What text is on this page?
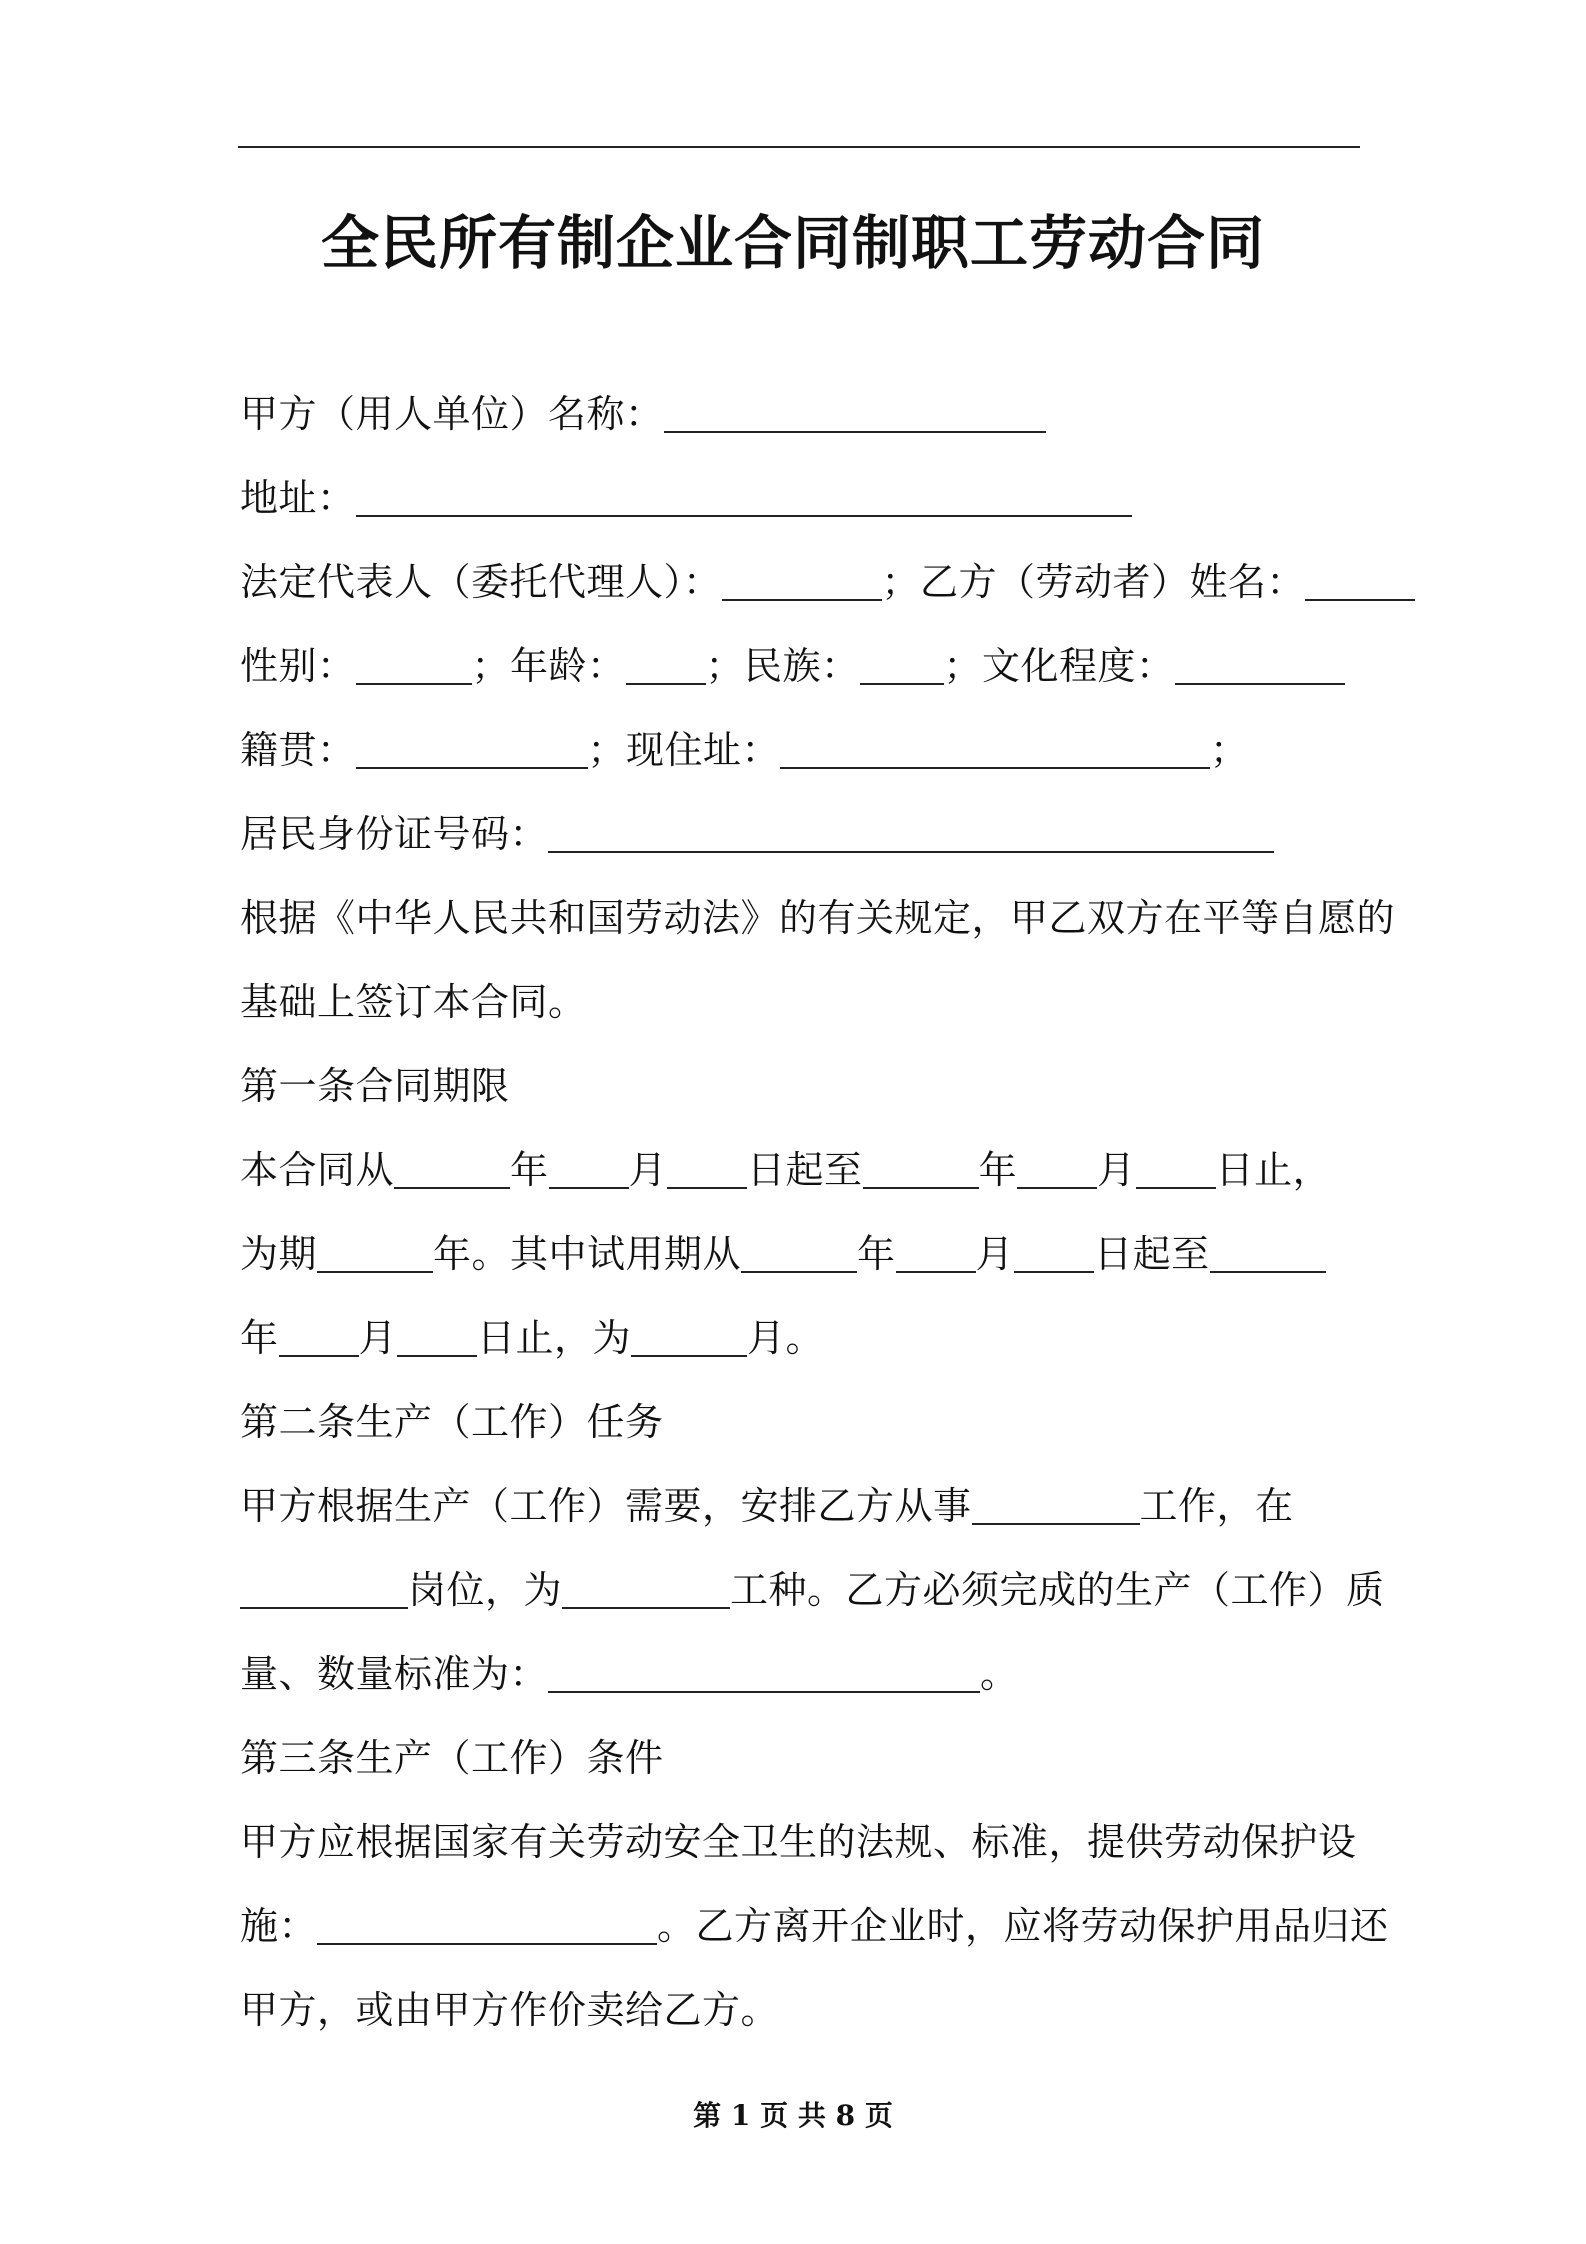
全民所有制企业合同制职工劳动合同
甲方（用人单位）名称：
地址：
法定代表人（委托代理人）：	；乙方（劳动者）姓名：
性别：	；年龄： ；民族： ；文化程度：
籍贯：	；现住址：	；
居民身份证号码：
根据《中华人民共和国劳动法》的有关规定，甲乙双方在平等自愿的
基础上签订本合同。
第一条合同期限
本合同从	年 月 日起至	年 月 日止，
为期	年。其中试用期从	年 月 日起至
年 月 日止，为	月。
第二条生产（工作）任务
甲方根据生产（工作）需要，安排乙方从事	工作，在
岗位，为	工种。乙方必须完成的生产（工作）质
量、数量标准为：	。
第三条生产（工作）条件
甲方应根据国家有关劳动安全卫生的法规、标准，提供劳动保护设
施：	。乙方离开企业时，应将劳动保护用品归还
甲方，或由甲方作价卖给乙方。
第 1 页 共 8 页
